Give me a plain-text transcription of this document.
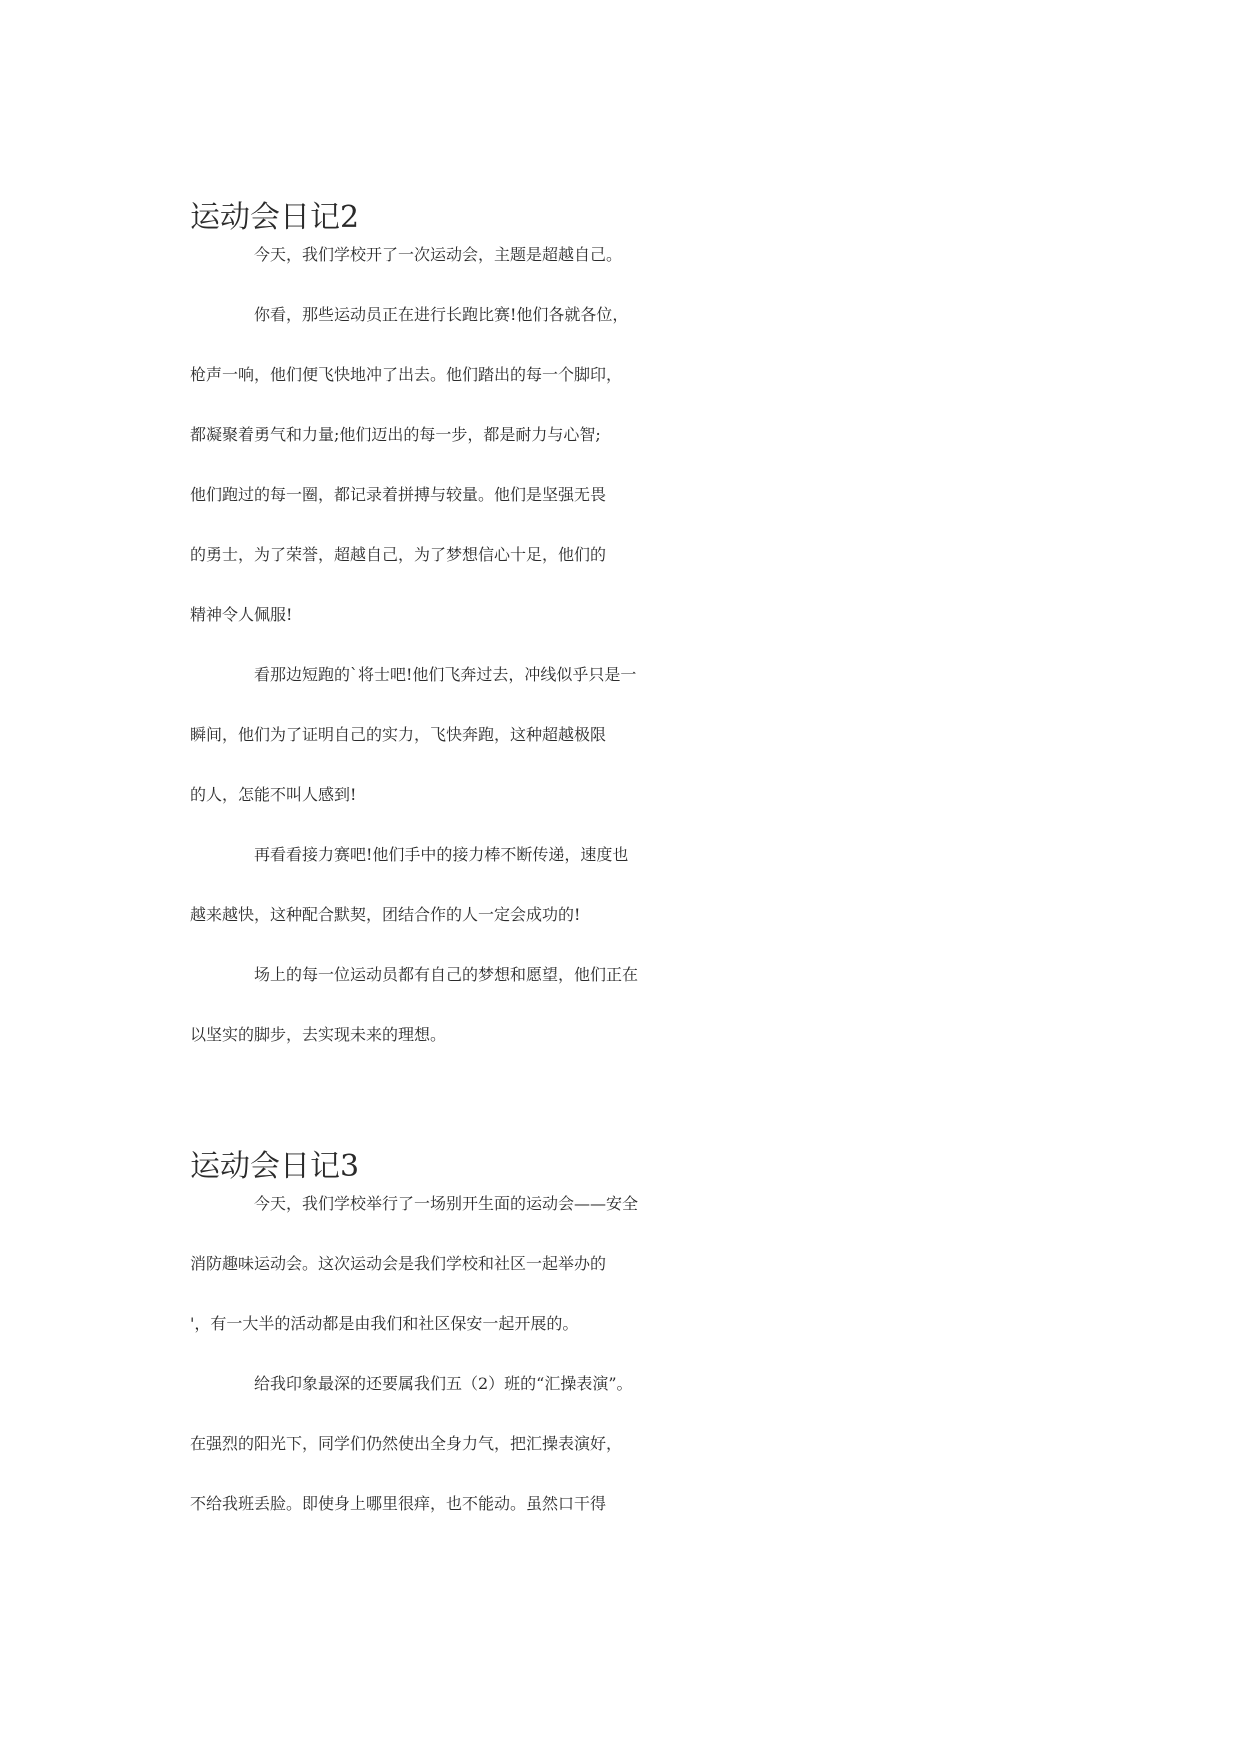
运动会日记2
今天，我们学校开了一次运动会，主题是超越自己。
你看，那些运动员正在进行长跑比赛!他们各就各位，
枪声一响，他们便飞快地冲了出去。他们踏出的每一个脚印，
都凝聚着勇气和力量;他们迈出的每一步，都是耐力与心智;
他们跑过的每一圈，都记录着拼搏与较量。他们是坚强无畏
的勇士，为了荣誉，超越自己，为了梦想信心十足，他们的
精神令人佩服!
看那边短跑的`将士吧!他们飞奔过去，冲线似乎只是一
瞬间，他们为了证明自己的实力，飞快奔跑，这种超越极限
的人，怎能不叫人感到!
再看看接力赛吧!他们手中的接力棒不断传递，速度也
越来越快，这种配合默契，团结合作的人一定会成功的!
场上的每一位运动员都有自己的梦想和愿望，他们正在
以坚实的脚步，去实现未来的理想。
运动会日记3
今天，我们学校举行了一场别开生面的运动会——安全
消防趣味运动会。这次运动会是我们学校和社区一起举办的
'，有一大半的活动都是由我们和社区保安一起开展的。
给我印象最深的还要属我们五（2）班的“汇操表演”。
在强烈的阳光下，同学们仍然使出全身力气，把汇操表演好，
不给我班丢脸。即使身上哪里很痒，也不能动。虽然口干得
